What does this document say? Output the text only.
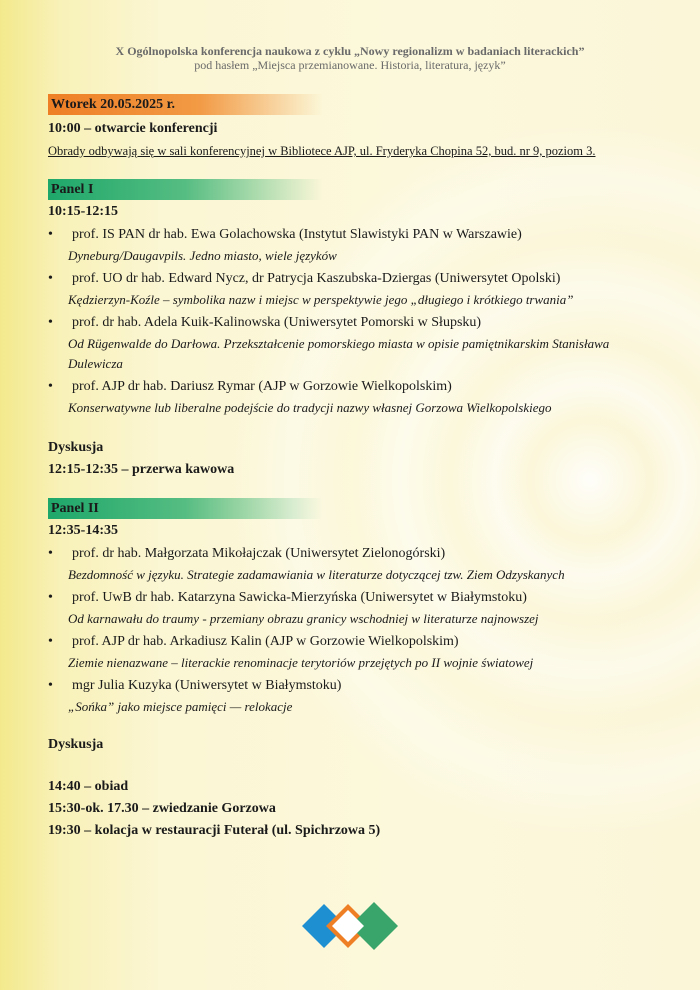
X Ogólnopolska konferencja naukowa z cyklu „Nowy regionalizm w badaniach literackich”
pod hasłem „Miejsca przemianowane. Historia, literatura, język”
Wtorek 20.05.2025 r.
10:00 – otwarcie konferencji
Obrady odbywają się w sali konferencyjnej w Bibliotece AJP, ul. Fryderyka Chopina 52, bud. nr 9, poziom 3.
Panel I
10:15-12:15
• prof. IS PAN dr hab. Ewa Golachowska (Instytut Slawistyki PAN w Warszawie)
Dyneburg/Daugavpils. Jedno miasto, wiele języków
• prof. UO dr hab. Edward Nycz, dr Patrycja Kaszubska-Dziergas (Uniwersytet Opolski)
Kędzierzyn-Koźle – symbolika nazw i miejsc w perspektywie jego „długiego i krótkiego trwania”
• prof. dr hab. Adela Kuik-Kalinowska (Uniwersytet Pomorski w Słupsku)
Od Rügenwalde do Darłowa. Przekształcenie pomorskiego miasta w opisie pamiętnikarskim Stanisława Dulewicza
• prof. AJP dr hab. Dariusz Rymar (AJP w Gorzowie Wielkopolskim)
Konserwatywne lub liberalne podejście do tradycji nazwy własnej Gorzowa Wielkopolskiego
Dyskusja
12:15-12:35 – przerwa kawowa
Panel II
12:35-14:35
• prof. dr hab. Małgorzata Mikołajczak (Uniwersytet Zielonogórski)
Bezdomność w języku. Strategie zadamawiania w literaturze dotyczącej tzw. Ziem Odzyskanych
• prof. UwB dr hab. Katarzyna Sawicka-Mierzyńska (Uniwersytet w Białymstoku)
Od karnawału do traumy - przemiany obrazu granicy wschodniej w literaturze najnowszej
• prof. AJP dr hab. Arkadiusz Kalin (AJP w Gorzowie Wielkopolskim)
Ziemie nienazwane – literackie renominacje terytoriów przejętych po II wojnie światowej
• mgr Julia Kuzyka (Uniwersytet w Białymstoku)
„Sońka” jako miejsce pamięci — relokacje
Dyskusja
14:40 – obiad
15:30-ok. 17.30 – zwiedzanie Gorzowa
19:30 – kolacja w restauracji Futerał (ul. Spichrzowa 5)
